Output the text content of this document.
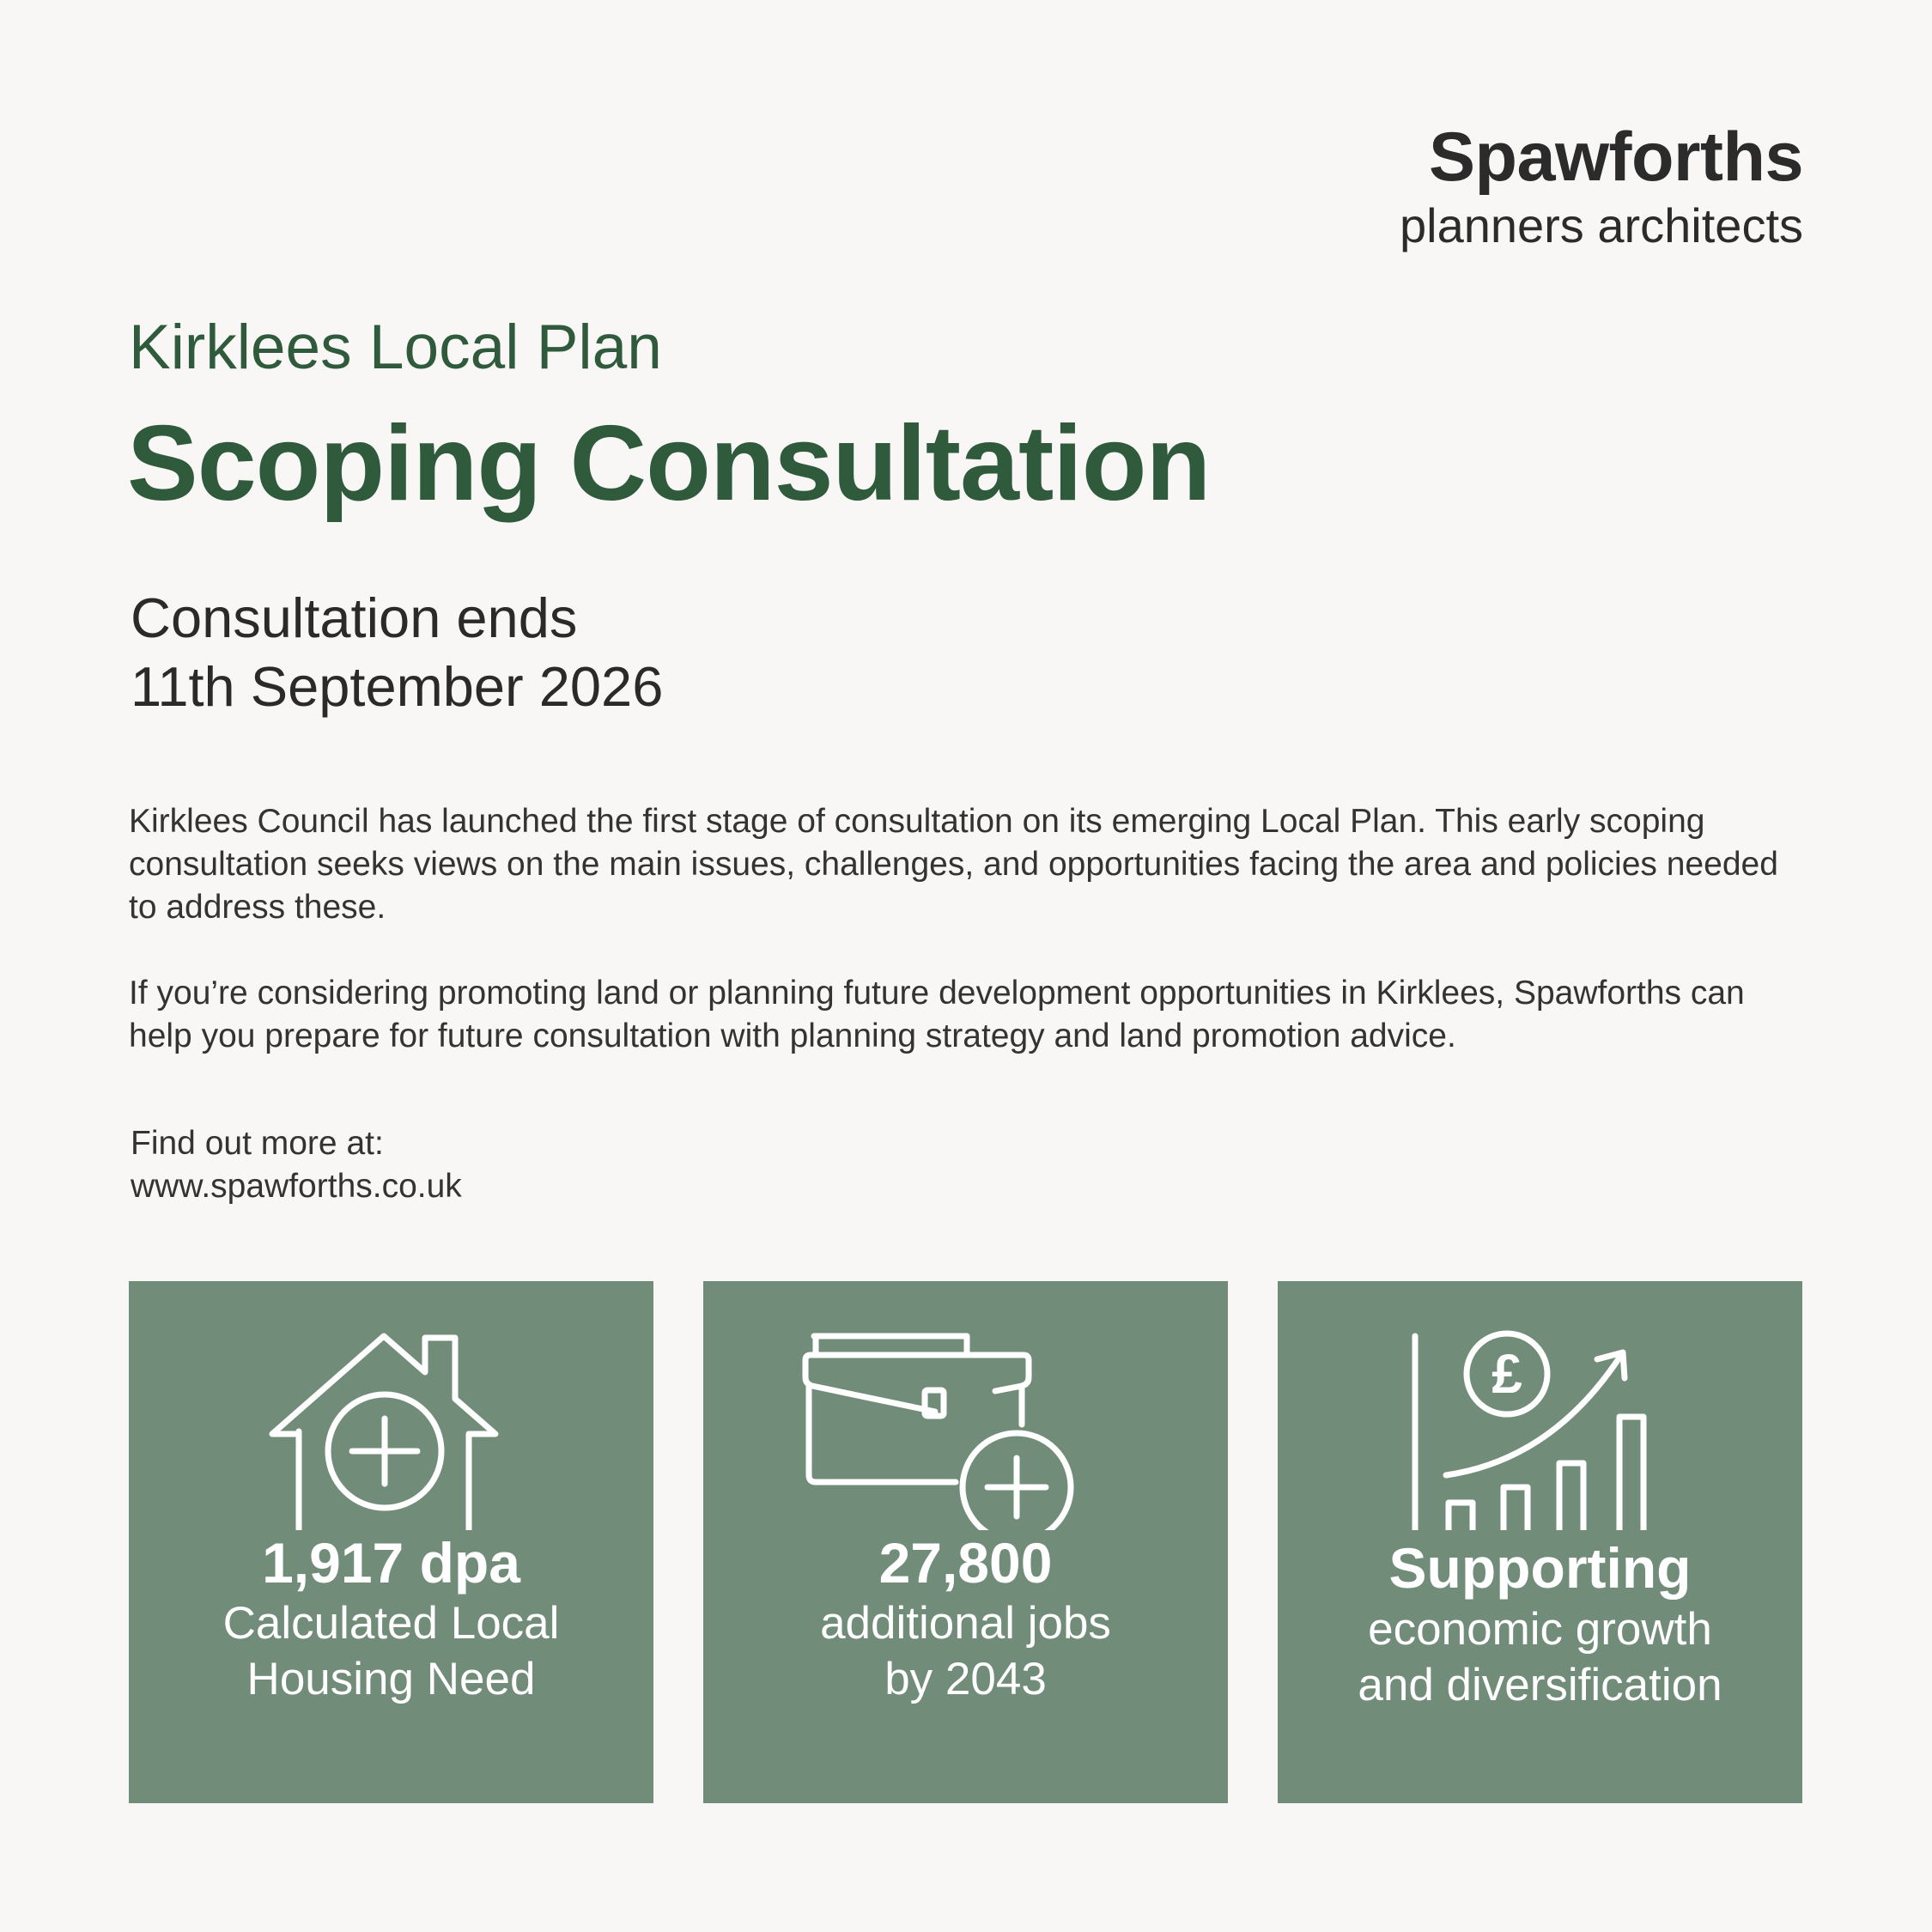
Spawforths
planners architects
Kirklees Local Plan
Scoping Consultation
Consultation ends
11th September 2026
Kirklees Council has launched the first stage of consultation on its emerging Local Plan. This early scoping consultation seeks views on the main issues, challenges, and opportunities facing the area and policies needed to address these.
If you’re considering promoting land or planning future development opportunities in Kirklees, Spawforths can help you prepare for future consultation with planning strategy and land promotion advice.
Find out more at:
www.spawforths.co.uk
1,917 dpa
Calculated Local
Housing Need
27,800
additional jobs
by 2043
£
Supporting
economic growth
and diversification
